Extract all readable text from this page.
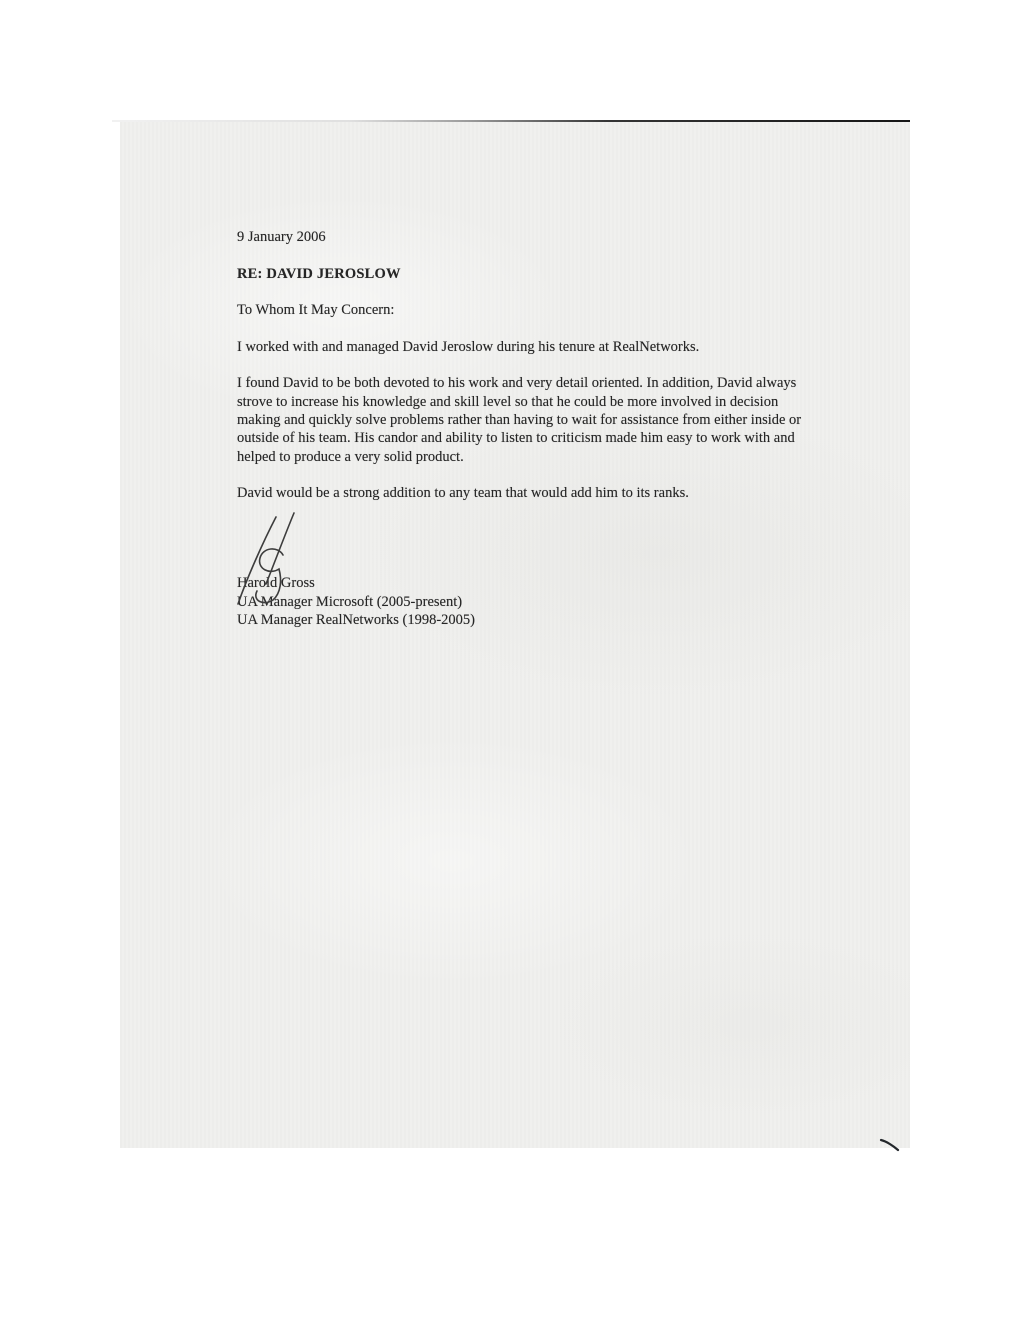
9 January 2006

RE: DAVID JEROSLOW

To Whom It May Concern:

I worked with and managed David Jeroslow during his tenure at RealNetworks.

I found David to be both devoted to his work and very detail oriented. In addition, David always strove to increase his knowledge and skill level so that he could be more involved in decision making and quickly solve problems rather than having to wait for assistance from either inside or outside of his team. His candor and ability to listen to criticism made him easy to work with and helped to produce a very solid product.

David would be a strong addition to any team that would add him to its ranks.

Harold Gross

UA Manager Microsoft (2005-present)

UA Manager RealNetworks (1998-2005)
